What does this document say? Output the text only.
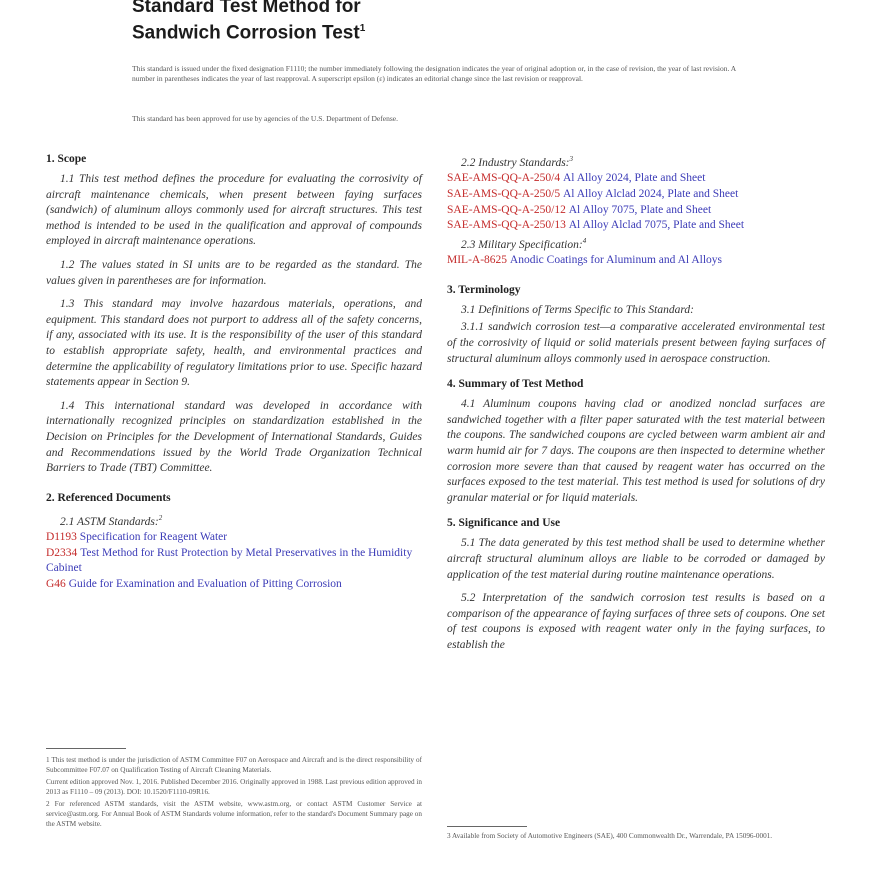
Standard Test Method for
Sandwich Corrosion Test$^1$
This standard is issued under the fixed designation F1110; the number immediately following the designation indicates the year of original adoption or, in the case of revision, the year of last revision. A number in parentheses indicates the year of last reapproval. A superscript epsilon (ε) indicates an editorial change since the last revision or reapproval.
This standard has been approved for use by agencies of the U.S. Department of Defense.
1. Scope

1.1 This test method defines the procedure for evaluating the corrosivity of aircraft maintenance chemicals, when present between faying surfaces (sandwich) of aluminum alloys commonly used for aircraft structures. This test method is intended to be used in the qualification and approval of compounds employed in aircraft maintenance operations.

1.2 The values stated in SI units are to be regarded as the standard. The values given in parentheses are for information.

1.3 This standard may involve hazardous materials, operations, and equipment. This standard does not purport to address all of the safety concerns, if any, associated with its use. It is the responsibility of the user of this standard to establish appropriate safety, health, and environmental practices and determine the applicability of regulatory limitations prior to use. Specific hazard statements appear in Section 9.

1.4 This international standard was developed in accordance with internationally recognized principles on standardization established in the Decision on Principles for the Development of International Standards, Guides and Recommendations issued by the World Trade Organization Technical Barriers to Trade (TBT) Committee.

2. Referenced Documents
2.1 ASTM Standards:$^2$
D1193 Specification for Reagent Water
D2334 Test Method for Rust Protection by Metal Preservatives in the Humidity Cabinet
G46 Guide for Examination and Evaluation of Pitting Corrosion
1 This test method is under the jurisdiction of ASTM Committee F07 on Aerospace and Aircraft and is the direct responsibility of Subcommittee F07.07 on Qualification Testing of Aircraft Cleaning Materials.
Current edition approved Nov. 1, 2016. Published December 2016. Originally approved in 1988. Last previous edition approved in 2013 as F1110 – 09 (2013). DOI: 10.1520/F1110-09R16.
2 For referenced ASTM standards, visit the ASTM website, www.astm.org, or contact ASTM Customer Service at service@astm.org. For Annual Book of ASTM Standards volume information, refer to the standard's Document Summary page on the ASTM website.
2.2 Industry Standards:$^3$
SAE-AMS-QQ-A-250/4 Al Alloy 2024, Plate and Sheet
SAE-AMS-QQ-A-250/5 Al Alloy Alclad 2024, Plate and Sheet
SAE-AMS-QQ-A-250/12 Al Alloy 7075, Plate and Sheet
SAE-AMS-QQ-A-250/13 Al Alloy Alclad 7075, Plate and Sheet
2.3 Military Specification:$^4$
MIL-A-8625 Anodic Coatings for Aluminum and Al Alloys
3. Terminology

3.1 Definitions of Terms Specific to This Standard:

3.1.1 sandwich corrosion test—a comparative accelerated environmental test of the corrosivity of liquid or solid materials present between faying surfaces of structural aluminum alloys commonly used in aerospace construction.

4. Summary of Test Method

4.1 Aluminum coupons having clad or anodized nonclad surfaces are sandwiched together with a filter paper saturated with the test material between the coupons. The sandwiched coupons are cycled between warm ambient air and warm humid air for 7 days. The coupons are then inspected to determine whether corrosion more severe than that caused by reagent water has occurred on the surfaces exposed to the test material. This test method is used for solutions of dry granular material or for liquid materials.

5. Significance and Use

5.1 The data generated by this test method shall be used to determine whether aircraft structural aluminum alloys are liable to be corroded or damaged by application of the test material during routine maintenance operations.

5.2 Interpretation of the sandwich corrosion test results is based on a comparison of the appearance of faying surfaces of three sets of coupons. One set of test coupons is exposed with reagent water only in the faying surfaces, to establish the

3 Available from Society of Automotive Engineers (SAE), 400 Commonwealth Dr., Warrendale, PA 15096-0001.
